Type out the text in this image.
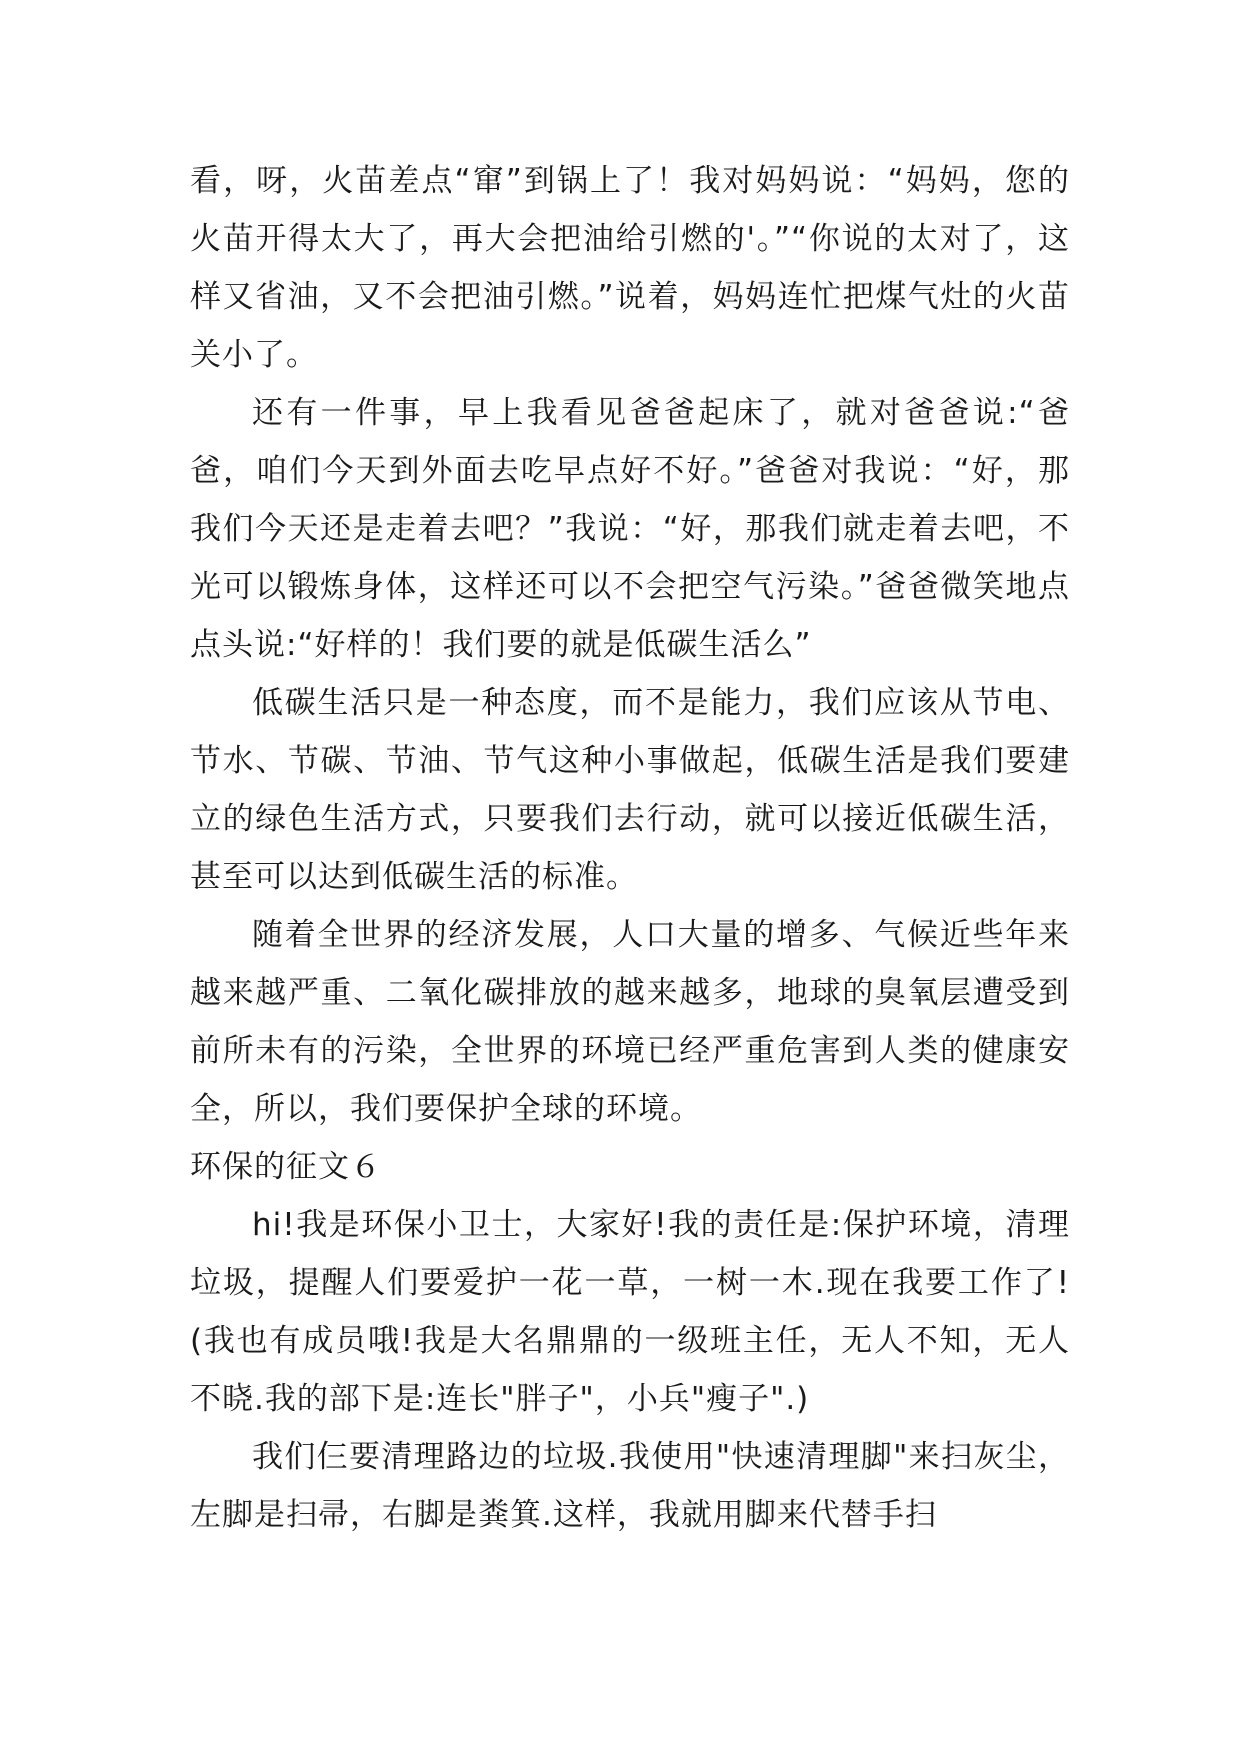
看，呀，火苗差点“窜”到锅上了！我对妈妈说：“妈妈，您的火苗开得太大了，再大会把油给引燃的'。”“你说的太对了，这样又省油，又不会把油引燃。”说着，妈妈连忙把煤气灶的火苗关小了。

还有一件事，早上我看见爸爸起床了，就对爸爸说:“爸爸，咱们今天到外面去吃早点好不好。”爸爸对我说：“好，那我们今天还是走着去吧？”我说：“好，那我们就走着去吧，不光可以锻炼身体，这样还可以不会把空气污染。”爸爸微笑地点点头说:“好样的！我们要的就是低碳生活么”

低碳生活只是一种态度，而不是能力，我们应该从节电、节水、节碳、节油、节气这种小事做起，低碳生活是我们要建立的绿色生活方式，只要我们去行动，就可以接近低碳生活，甚至可以达到低碳生活的标准。

随着全世界的经济发展，人口大量的增多、气候近些年来越来越严重、二氧化碳排放的越来越多，地球的臭氧层遭受到前所未有的污染，全世界的环境已经严重危害到人类的健康安全，所以，我们要保护全球的环境。

环保的征文６

hi!我是环保小卫士，大家好!我的责任是:保护环境，清理垃圾，提醒人们要爱护一花一草，一树一木.现在我要工作了!(我也有成员哦!我是大名鼎鼎的一级班主任，无人不知，无人不晓.我的部下是:连长"胖子"，小兵"瘦子".)

我们仨要清理路边的垃圾.我使用"快速清理脚"来扫灰尘，左脚是扫帚，右脚是粪箕.这样，我就用脚来代替手扫
